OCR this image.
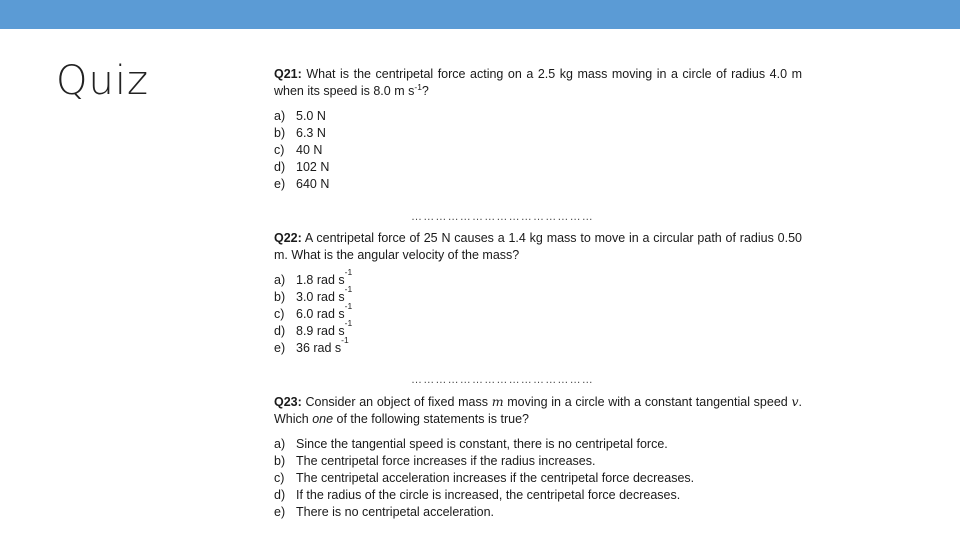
Quiz	Q21: What is the centripetal force acting on a 2.5 kg mass moving in a circle of radius 4.0 m when its speed is 8.0 m $s^{-1}$?

a) 5.0 N
b) 6.3 N
c) 40 N
d) 102 N
e) 640 N
………………………………………

Q22: A centripetal force of 25 N causes a 1.4 kg mass to move in a circular path of radius 0.50 m. What is the angular velocity of the mass?

a) 1.8 rad s
-1
b) 3.0 rad s
-1
c) 6.0 rad s
-1
d) 8.9 rad s
-1
e) 36 rad s
-1
………………………………………

Q23: Consider an object of fixed mass m moving in a circle with a constant tangential speed v. Which one of the following statements is true?

a) Since the tangential speed is constant, there is no centripetal force.
b) The centripetal force increases if the radius increases.
c) The centripetal acceleration increases if the centripetal force decreases.
d) If the radius of the circle is increased, the centripetal force decreases.
e) There is no centripetal acceleration.
